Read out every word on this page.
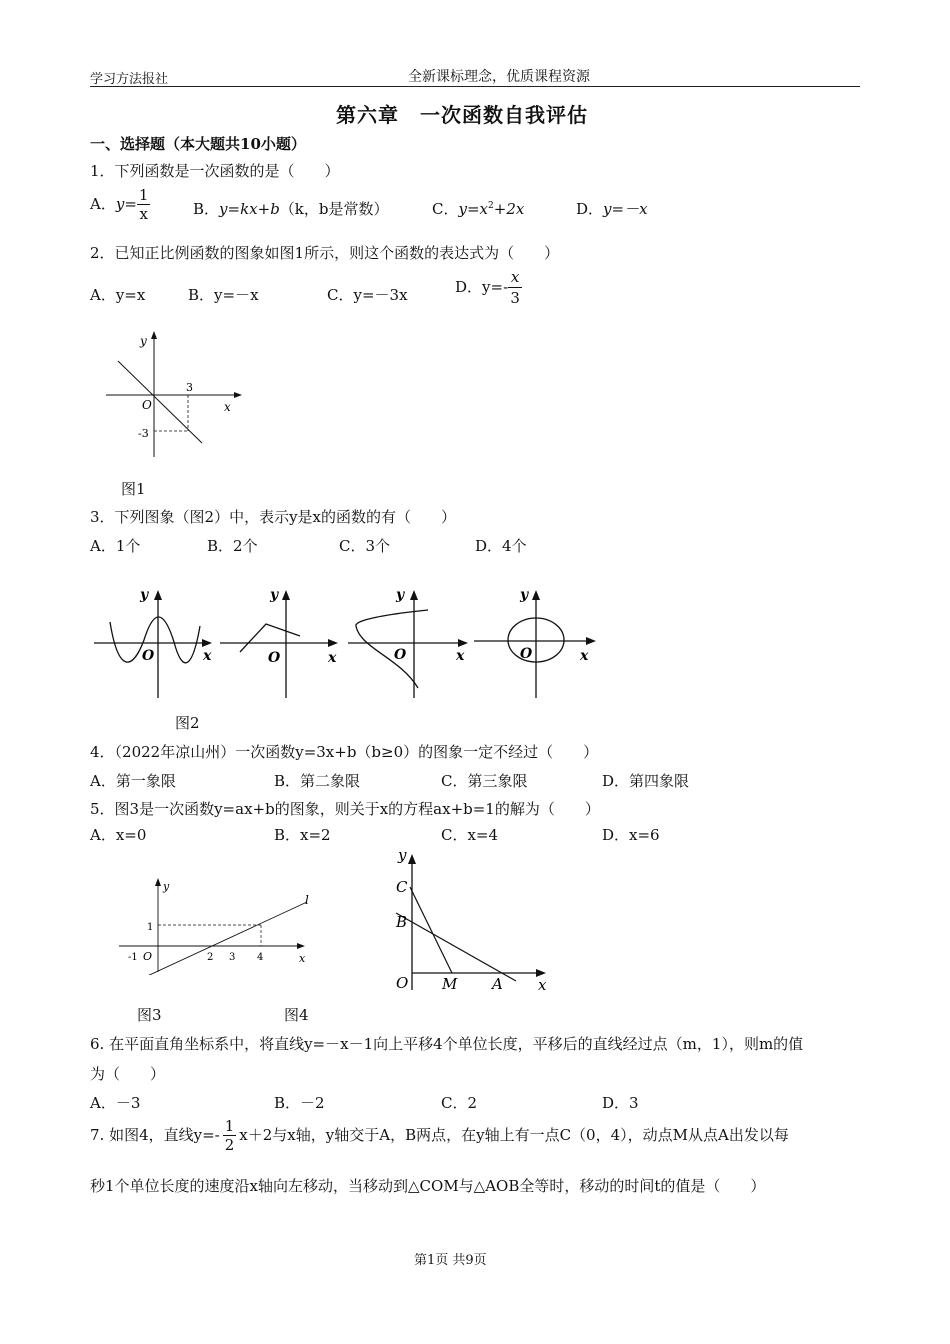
学习方法报社	全新课标理念，优质课程资源
第六章　一次函数自我评估
一、选择题（本大题共10小题）
1．下列函数是一次函数的是（　　）
A．$y= \frac{1}{x}$	B．y=kx+b（k，b是常数）	C．$y=x^2+2x$	D．y=－x
2．已知正比例函数的图象如图1所示，则这个函数的表达式为（　　）
A．y=x	B．y=－x	C．y=－3x	D．$y=- \frac{x}{3}$
y
x
O
3
-3
图1
3．下列图象（图2）中，表示y是x的函数的有（　　）
A．1个	B．2个	C．3个	D．4个
y
x
O
y
x
O
y
x
O
y
x
O
图2
4．（2022年凉山州）一次函数y=3x+b（b≥0）的图象一定不经过（　　）
A．第一象限	B．第二象限	C．第三象限	D．第四象限
5．图3是一次函数y=ax+b的图象，则关于x的方程ax+b=1的解为（　　）
A．x=0	B．x=2	C．x=4	D．x=6
y
x
l
O
-1
1
2 3 4
图3
y
x
C
B
O M A
图4
6. 在平面直角坐标系中，将直线y=－x－1向上平移4个单位长度，平移后的直线经过点（m，1），则m的值
为（　　）
A．－3	B．－2	C．2	D．3
7. 如图4，直线$y=- \frac{1}{2} x+2$与x轴，y轴交于A，B两点，在y轴上有一点C（0，4），动点M从点A出发以每
秒1个单位长度的速度沿x轴向左移动，当移动到△COM与△AOB全等时，移动的时间t的值是（　　）
第1页 共9页
